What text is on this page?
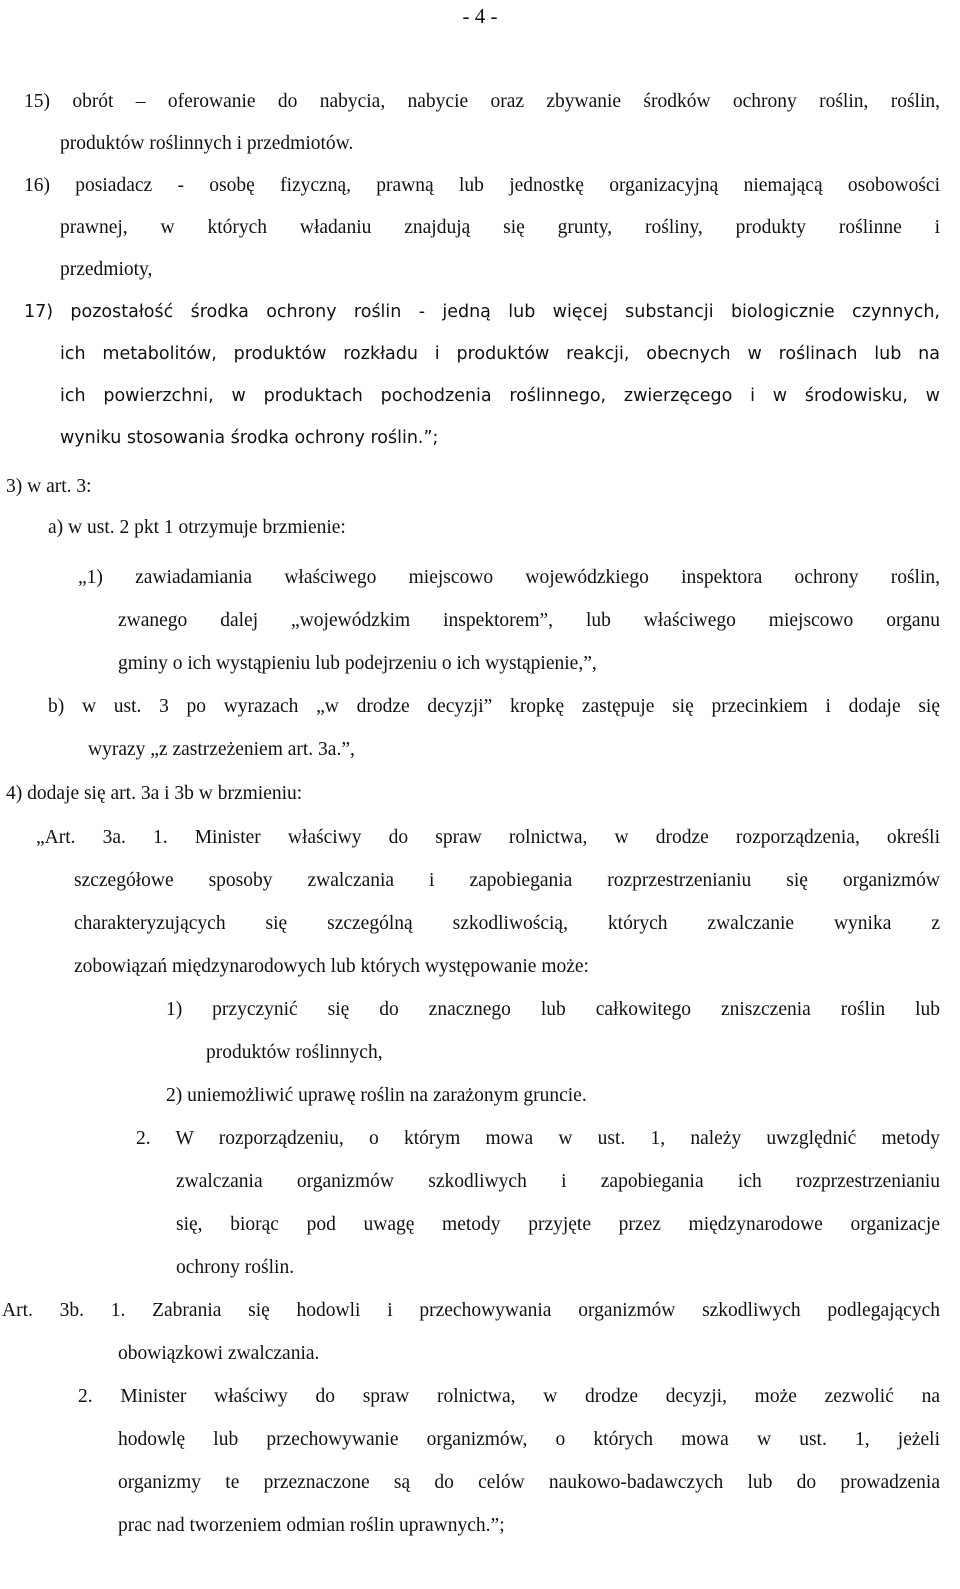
- 4 -
15) obrót – oferowanie do nabycia, nabycie oraz zbywanie środków ochrony roślin, roślin,
produktów roślinnych i przedmiotów.
16) posiadacz - osobę fizyczną, prawną lub jednostkę organizacyjną niemającą osobowości
prawnej, w których władaniu znajdują się grunty, rośliny, produkty roślinne i
przedmioty,
17) pozostałość środka ochrony roślin - jedną lub więcej substancji biologicznie czynnych,
ich metabolitów, produktów rozkładu i produktów reakcji, obecnych w roślinach lub na
ich powierzchni, w produktach pochodzenia roślinnego, zwierzęcego i w środowisku, w
wyniku stosowania środka ochrony roślin.”;
3) w art. 3:
a) w ust. 2 pkt 1 otrzymuje brzmienie:
„1) zawiadamiania właściwego miejscowo wojewódzkiego inspektora ochrony roślin,
zwanego dalej „wojewódzkim inspektorem”, lub właściwego miejscowo organu
gminy o ich wystąpieniu lub podejrzeniu o ich wystąpienie,”,
b) w ust. 3 po wyrazach „w drodze decyzji” kropkę zastępuje się przecinkiem i dodaje się
wyrazy „z zastrzeżeniem art. 3a.”,
4) dodaje się art. 3a i 3b w brzmieniu:
„Art. 3a. 1. Minister właściwy do spraw rolnictwa, w drodze rozporządzenia, określi
szczegółowe sposoby zwalczania i zapobiegania rozprzestrzenianiu się organizmów
charakteryzujących się szczególną szkodliwością, których zwalczanie wynika z
zobowiązań międzynarodowych lub których występowanie może:
1) przyczynić się do znacznego lub całkowitego zniszczenia roślin lub
produktów roślinnych,
2) uniemożliwić uprawę roślin na zarażonym gruncie.
2. W rozporządzeniu, o którym mowa w ust. 1, należy uwzględnić metody
zwalczania organizmów szkodliwych i zapobiegania ich rozprzestrzenianiu
się, biorąc pod uwagę metody przyjęte przez międzynarodowe organizacje
ochrony roślin.
Art. 3b. 1. Zabrania się hodowli i przechowywania organizmów szkodliwych podlegających
obowiązkowi zwalczania.
2. Minister właściwy do spraw rolnictwa, w drodze decyzji, może zezwolić na
hodowlę lub przechowywanie organizmów, o których mowa w ust. 1, jeżeli
organizmy te przeznaczone są do celów naukowo-badawczych lub do prowadzenia
prac nad tworzeniem odmian roślin uprawnych.”;
